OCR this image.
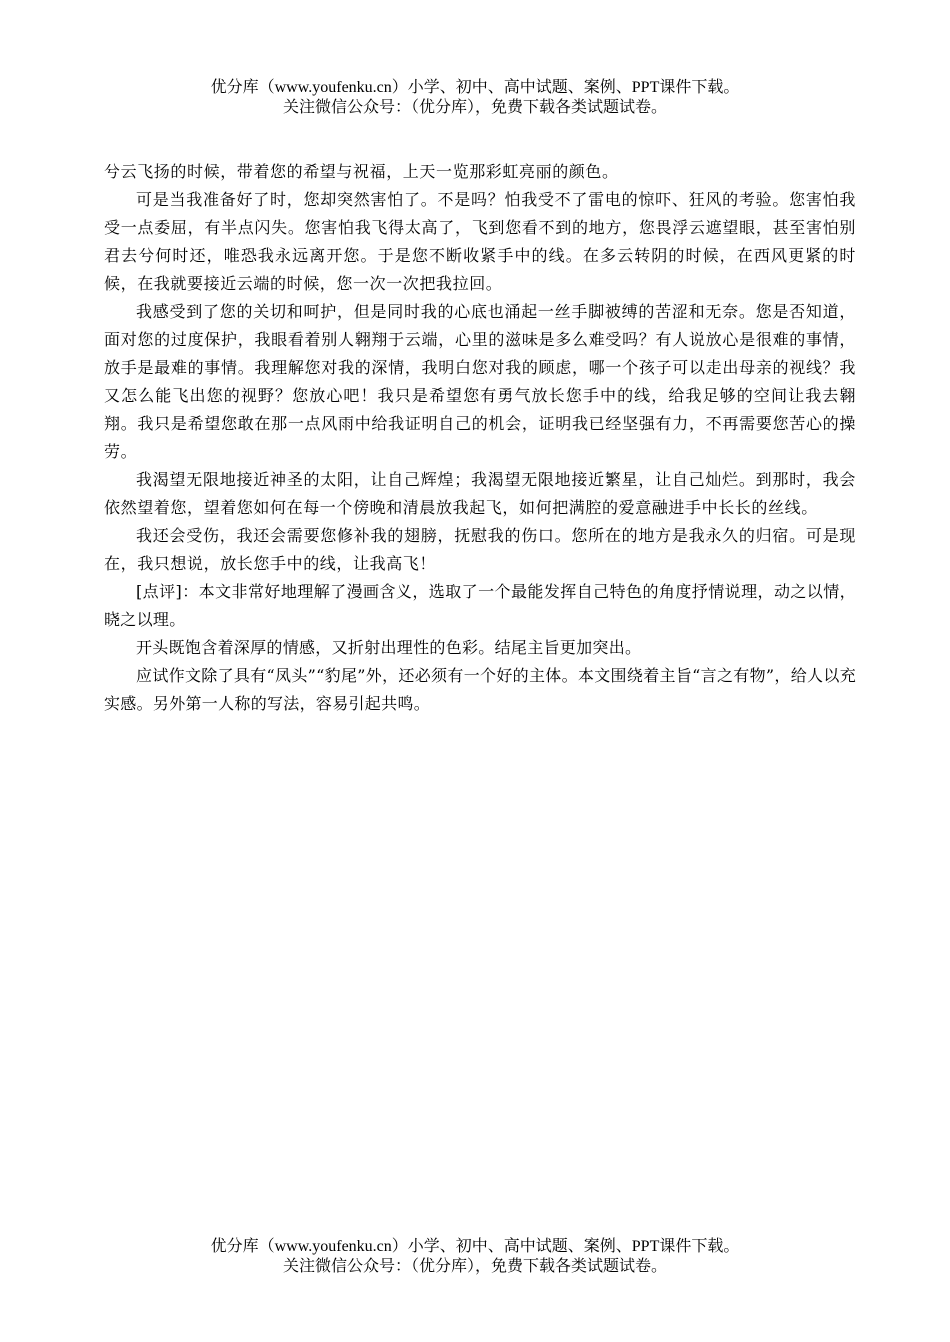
优分库（www.youfenku.cn）小学、初中、高中试题、案例、PPT课件下载。
关注微信公众号：（优分库），免费下载各类试题试卷。

兮云飞扬的时候，带着您的希望与祝福，上天一览那彩虹亮丽的颜色。

可是当我准备好了时，您却突然害怕了。不是吗？怕我受不了雷电的惊吓、狂风的考验。您害怕我受一点委屈，有半点闪失。您害怕我飞得太高了，飞到您看不到的地方，您畏浮云遮望眼，甚至害怕别君去兮何时还，唯恐我永远离开您。于是您不断收紧手中的线。在多云转阴的时候，在西风更紧的时候，在我就要接近云端的时候，您一次一次把我拉回。

我感受到了您的关切和呵护，但是同时我的心底也涌起一丝手脚被缚的苦涩和无奈。您是否知道，面对您的过度保护，我眼看着别人翱翔于云端，心里的滋味是多么难受吗？有人说放心是很难的事情，放手是最难的事情。我理解您对我的深情，我明白您对我的顾虑，哪一个孩子可以走出母亲的视线？我又怎么能飞出您的视野？您放心吧！我只是希望您有勇气放长您手中的线，给我足够的空间让我去翱翔。我只是希望您敢在那一点风雨中给我证明自己的机会，证明我已经坚强有力，不再需要您苦心的操劳。

我渴望无限地接近神圣的太阳，让自己辉煌；我渴望无限地接近繁星，让自己灿烂。到那时，我会依然望着您，望着您如何在每一个傍晚和清晨放我起飞，如何把满腔的爱意融进手中长长的丝线。

我还会受伤，我还会需要您修补我的翅膀，抚慰我的伤口。您所在的地方是我永久的归宿。可是现在，我只想说，放长您手中的线，让我高飞！

[点评]：本文非常好地理解了漫画含义，选取了一个最能发挥自己特色的角度抒情说理，动之以情，晓之以理。

开头既饱含着深厚的情感，又折射出理性的色彩。结尾主旨更加突出。

应试作文除了具有“凤头”“豹尾”外，还必须有一个好的主体。本文围绕着主旨“言之有物”，给人以充实感。另外第一人称的写法，容易引起共鸣。

优分库（www.youfenku.cn）小学、初中、高中试题、案例、PPT课件下载。
关注微信公众号：（优分库），免费下载各类试题试卷。
